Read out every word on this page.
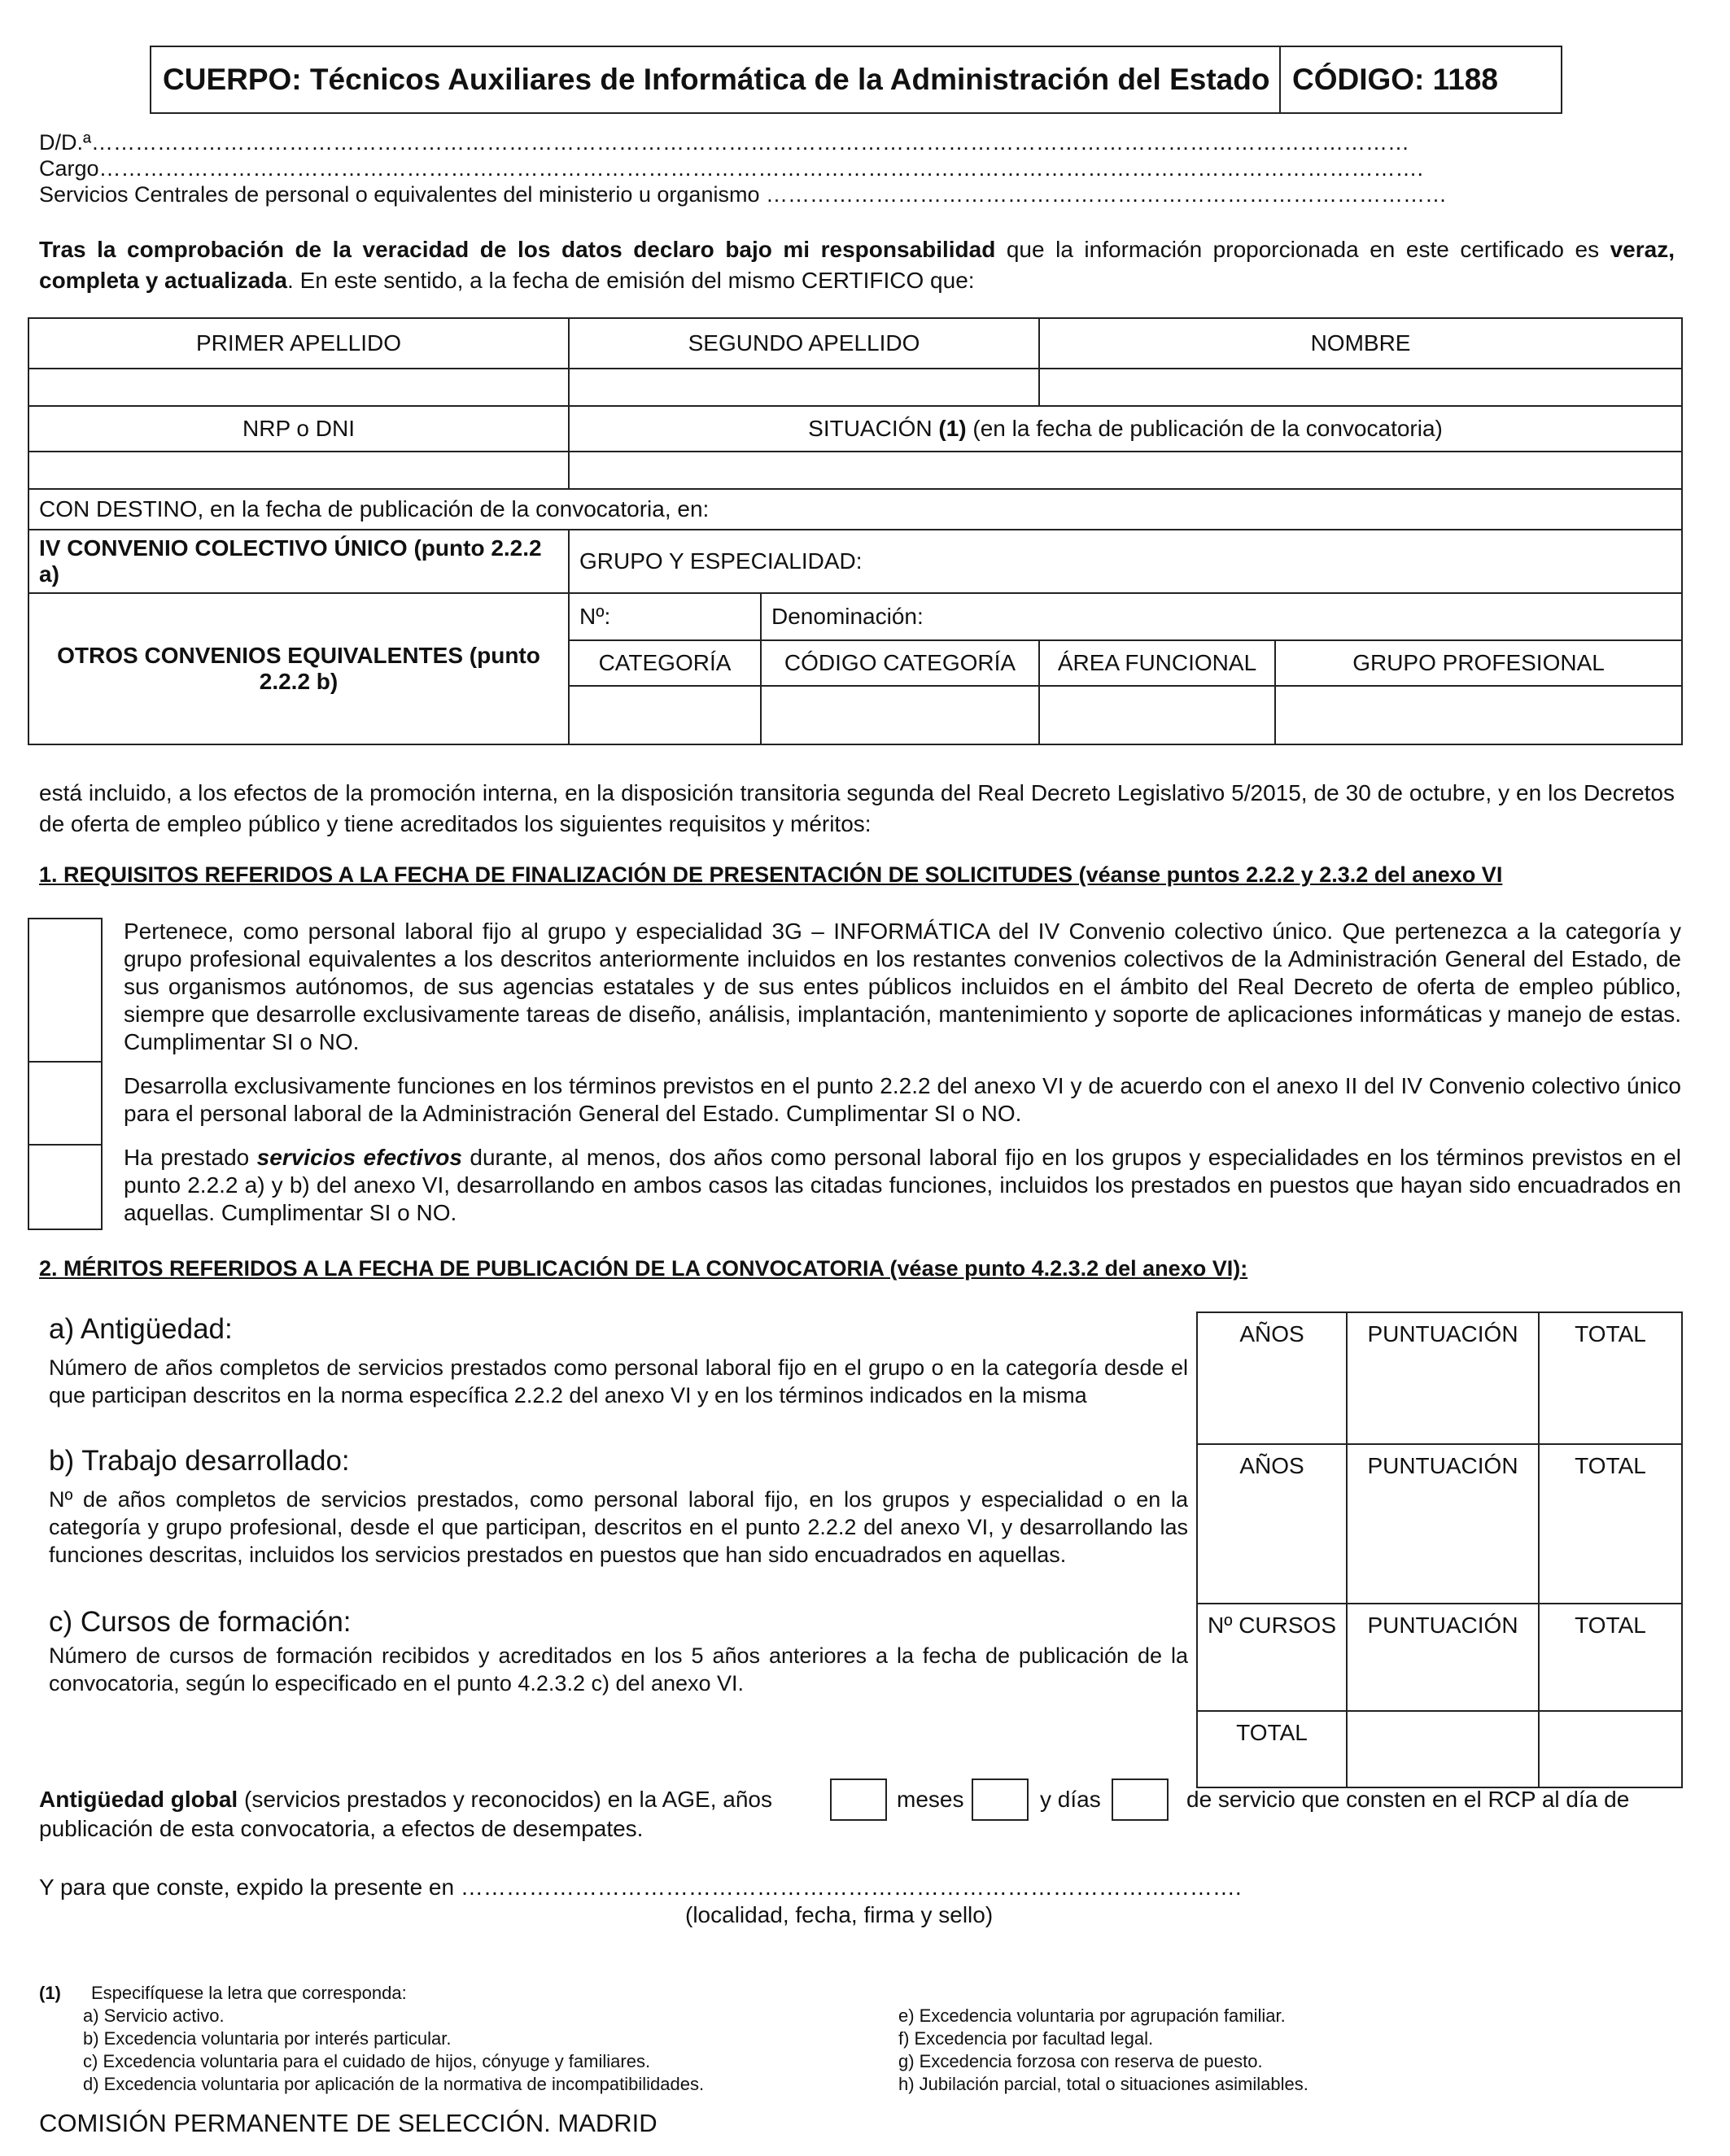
CUERPO: Técnicos Auxiliares de Informática de la Administración del Estado CÓDIGO: 1188
D/D.ª………………………………………………………………………………………………………………………………………………………………
Cargo……………………………………………………………………………………………………………………………………………………………….
Servicios Centrales de personal o equivalentes del ministerio u organismo …………………………………………………………………………………
Tras la comprobación de la veracidad de los datos declaro bajo mi responsabilidad que la información proporcionada en este certificado es veraz, completa y actualizada. En este sentido, a la fecha de emisión del mismo CERTIFICO que:
PRIMER APELLIDO	SEGUNDO APELLIDO		NOMBRE	

NRP o DNI	SITUACIÓN (1) (en la fecha de publicación de la convocatoria)			

CON DESTINO, en la fecha de publicación de la convocatoria, en:				
IV CONVENIO COLECTIVO ÚNICO (punto 2.2.2 a)	GRUPO Y ESPECIALIDAD:			
OTROS CONVENIOS EQUIVALENTES (punto 2.2.2 b)	Nº:	Denominación:		
	CATEGORÍA	CÓDIGO CATEGORÍA	ÁREA FUNCIONAL	GRUPO PROFESIONAL

está incluido, a los efectos de la promoción interna, en la disposición transitoria segunda del Real Decreto Legislativo 5/2015, de 30 de octubre, y en los Decretos de oferta de empleo público y tiene acreditados los siguientes requisitos y méritos:
1. REQUISITOS REFERIDOS A LA FECHA DE FINALIZACIÓN DE PRESENTACIÓN DE SOLICITUDES (véanse puntos 2.2.2 y 2.3.2 del anexo VI
Pertenece, como personal laboral fijo al grupo y especialidad 3G – INFORMÁTICA del IV Convenio colectivo único. Que pertenezca a la categoría y grupo profesional equivalentes a los descritos anteriormente incluidos en los restantes convenios colectivos de la Administración General del Estado, de sus organismos autónomos, de sus agencias estatales y de sus entes públicos incluidos en el ámbito del Real Decreto de oferta de empleo público, siempre que desarrolle exclusivamente tareas de diseño, análisis, implantación, mantenimiento y soporte de aplicaciones informáticas y manejo de estas. Cumplimentar SI o NO.
Desarrolla exclusivamente funciones en los términos previstos en el punto 2.2.2 del anexo VI y de acuerdo con el anexo II del IV Convenio colectivo único para el personal laboral de la Administración General del Estado. Cumplimentar SI o NO.
Ha prestado servicios efectivos durante, al menos, dos años como personal laboral fijo en los grupos y especialidades en los términos previstos en el punto 2.2.2 a) y b) del anexo VI, desarrollando en ambos casos las citadas funciones, incluidos los prestados en puestos que hayan sido encuadrados en aquellas. Cumplimentar SI o NO.
2. MÉRITOS REFERIDOS A LA FECHA DE PUBLICACIÓN DE LA CONVOCATORIA (véase punto 4.2.3.2 del anexo VI):
a) Antigüedad:
Número de años completos de servicios prestados como personal laboral fijo en el grupo o en la categoría desde el que participan descritos en la norma específica 2.2.2 del anexo VI y en los términos indicados en la misma
b) Trabajo desarrollado:
Nº de años completos de servicios prestados, como personal laboral fijo, en los grupos y especialidad o en la categoría y grupo profesional, desde el que participan, descritos en el punto 2.2.2 del anexo VI, y desarrollando las funciones descritas, incluidos los servicios prestados en puestos que han sido encuadrados en aquellas.
c) Cursos de formación:
Número de cursos de formación recibidos y acreditados en los 5 años anteriores a la fecha de publicación de la convocatoria, según lo especificado en el punto 4.2.3.2 c) del anexo VI.
AÑOS	PUNTUACIÓN	TOTAL
AÑOS	PUNTUACIÓN	TOTAL
Nº CURSOS	PUNTUACIÓN	TOTAL
TOTAL		
Antigüedad global (servicios prestados y reconocidos) en la AGE, años	meses	y días	de servicio que consten en el RCP al día de
publicación de esta convocatoria, a efectos de desempates.
Y para que conste, expido la presente en ………………………………………………………………………………………….
(localidad, fecha, firma y sello)
(1) Especifíquese la letra que corresponda:
a) Servicio activo.
b) Excedencia voluntaria por interés particular.
c) Excedencia voluntaria para el cuidado de hijos, cónyuge y familiares.
d) Excedencia voluntaria por aplicación de la normativa de incompatibilidades.
e) Excedencia voluntaria por agrupación familiar.
f) Excedencia por facultad legal.
g) Excedencia forzosa con reserva de puesto.
h) Jubilación parcial, total o situaciones asimilables.
COMISIÓN PERMANENTE DE SELECCIÓN. MADRID
